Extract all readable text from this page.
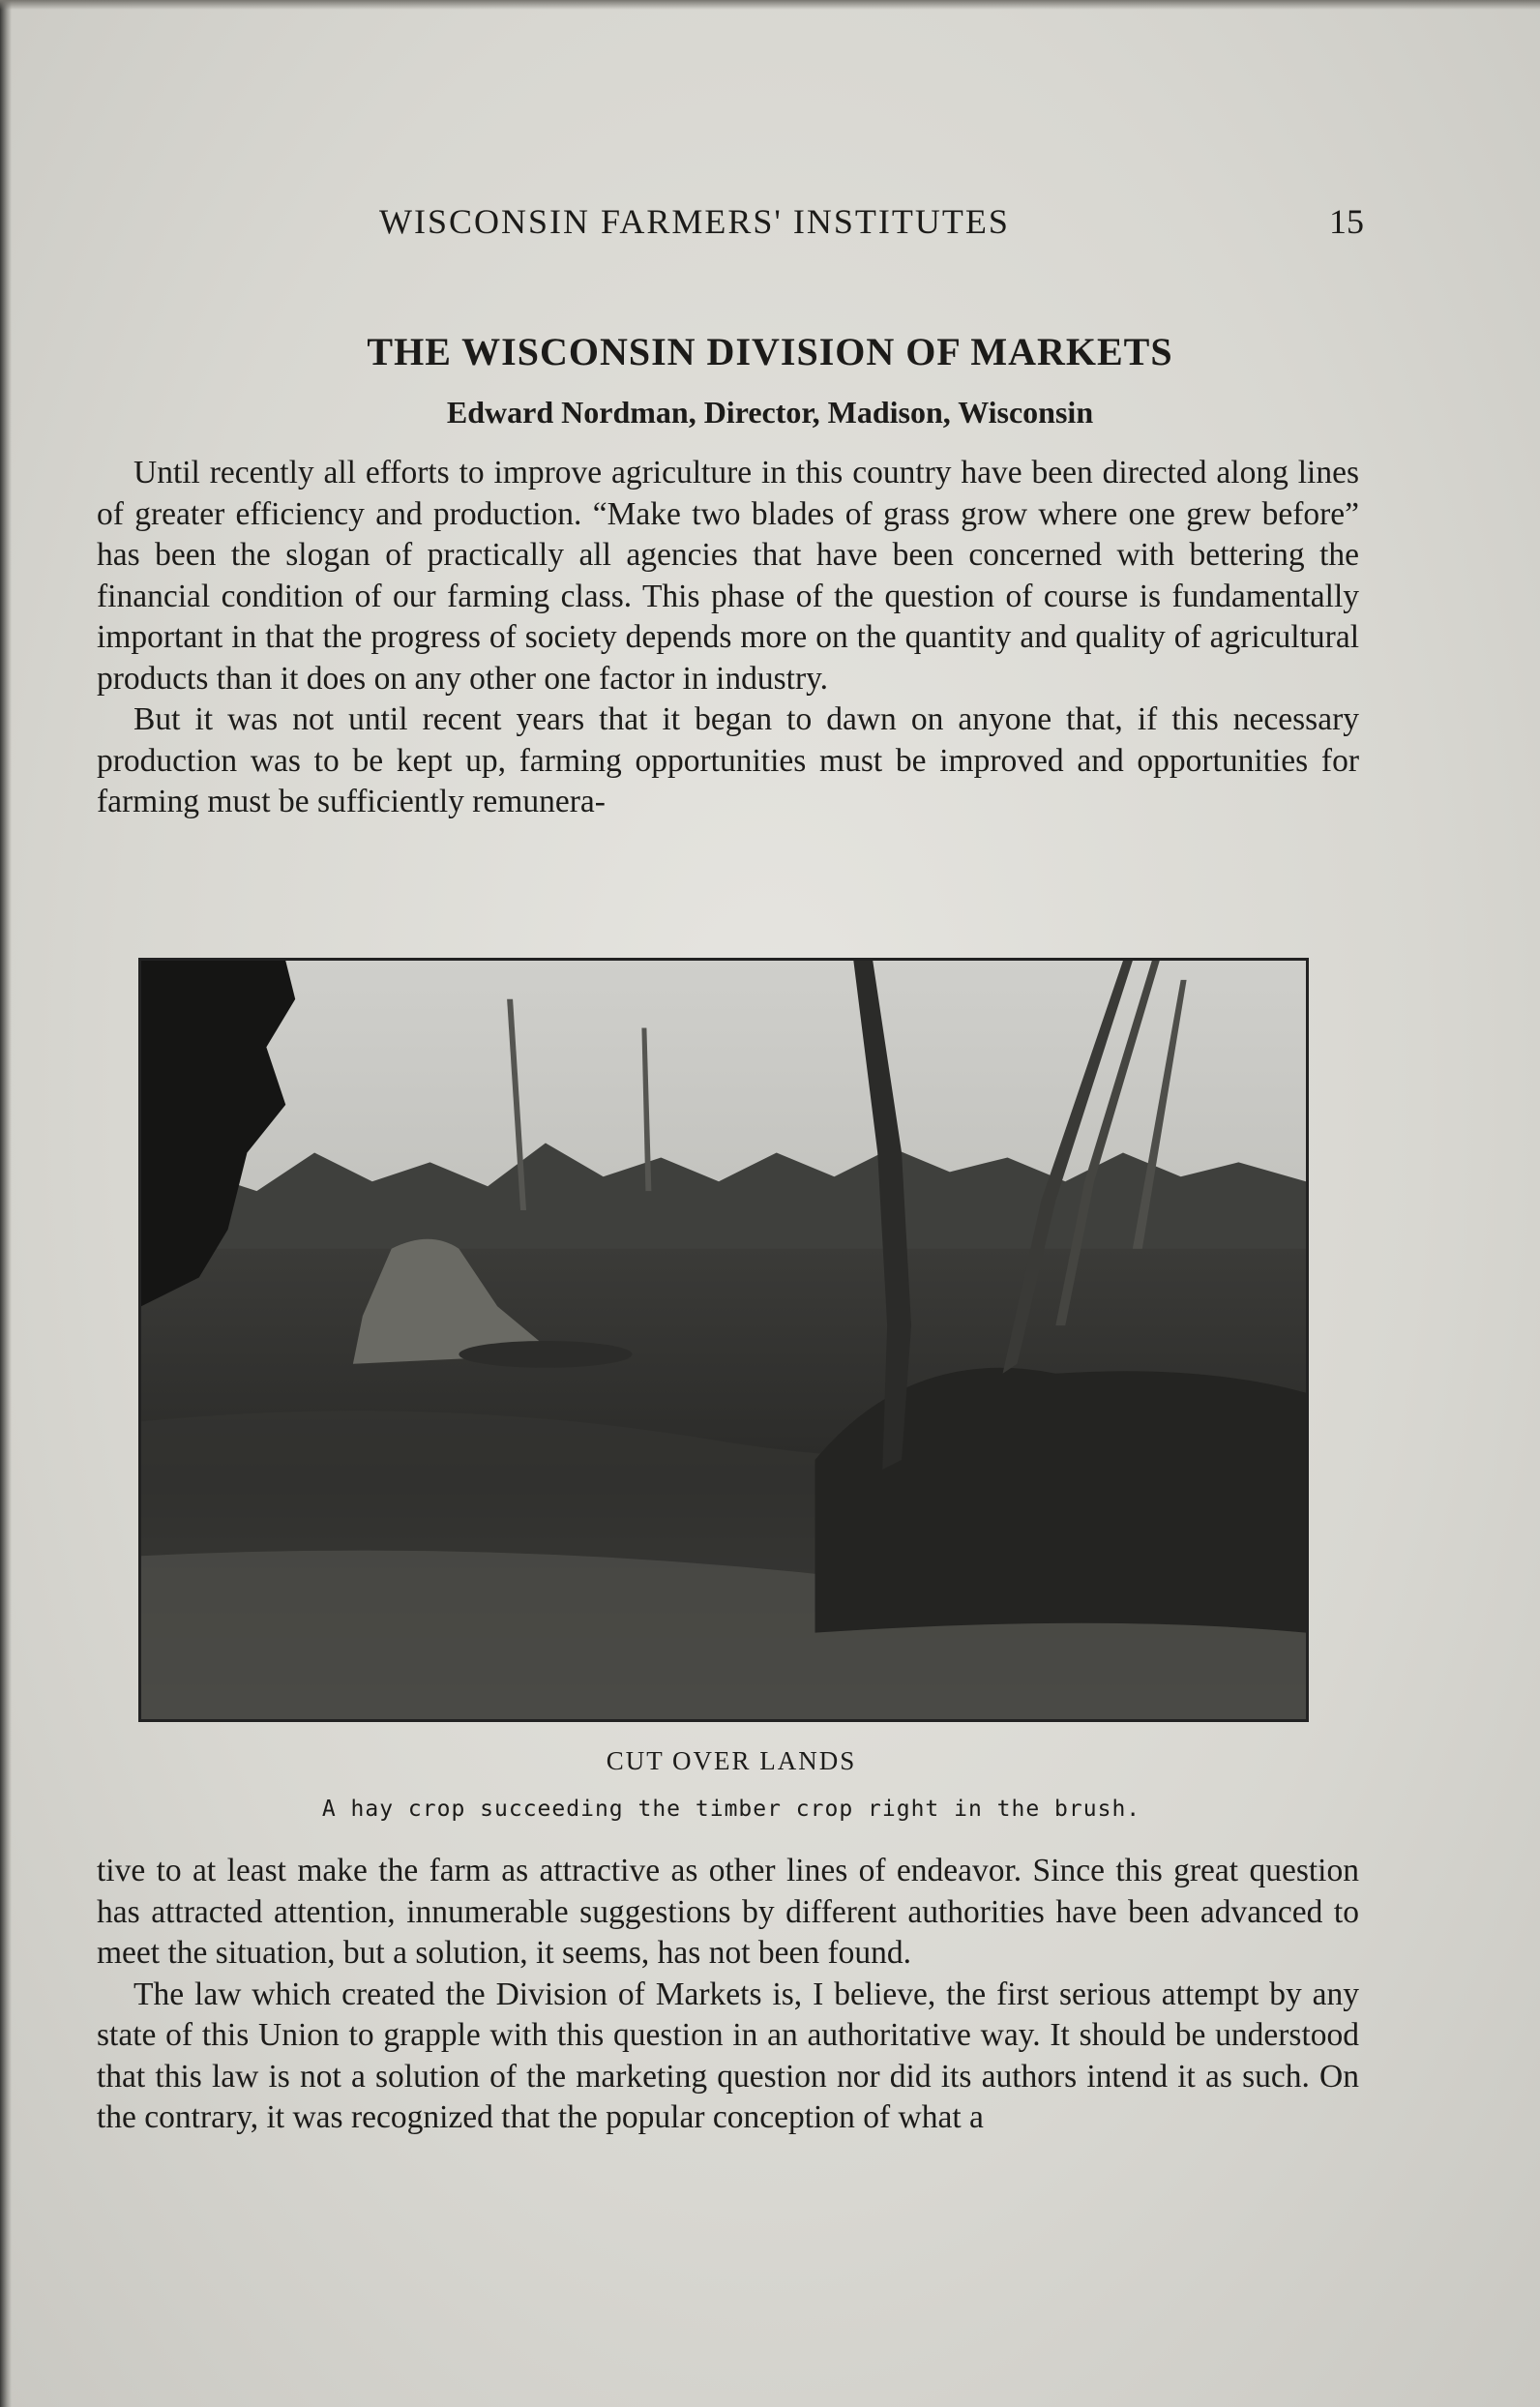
WISCONSIN FARMERS' INSTITUTES	15
THE WISCONSIN DIVISION OF MARKETS
Edward Nordman, Director, Madison, Wisconsin

Until recently all efforts to improve agriculture in this country have been directed along lines of greater efficiency and production. “Make two blades of grass grow where one grew before” has been the slogan of practically all agencies that have been concerned with bettering the financial condition of our farming class. This phase of the question of course is fundamentally important in that the progress of society depends more on the quantity and quality of agricultural products than it does on any other one factor in industry.

But it was not until recent years that it began to dawn on anyone that, if this necessary production was to be kept up, farming opportunities must be improved and opportunities for farming must be sufficiently remunera-

CUT OVER LANDS
A hay crop succeeding the timber crop right in the brush.

tive to at least make the farm as attractive as other lines of endeavor. Since this great question has attracted attention, innumerable suggestions by different authorities have been advanced to meet the situation, but a solution, it seems, has not been found.

The law which created the Division of Markets is, I believe, the first serious attempt by any state of this Union to grapple with this question in an authoritative way. It should be understood that this law is not a solution of the marketing question nor did its authors intend it as such. On the contrary, it was recognized that the popular conception of what a
